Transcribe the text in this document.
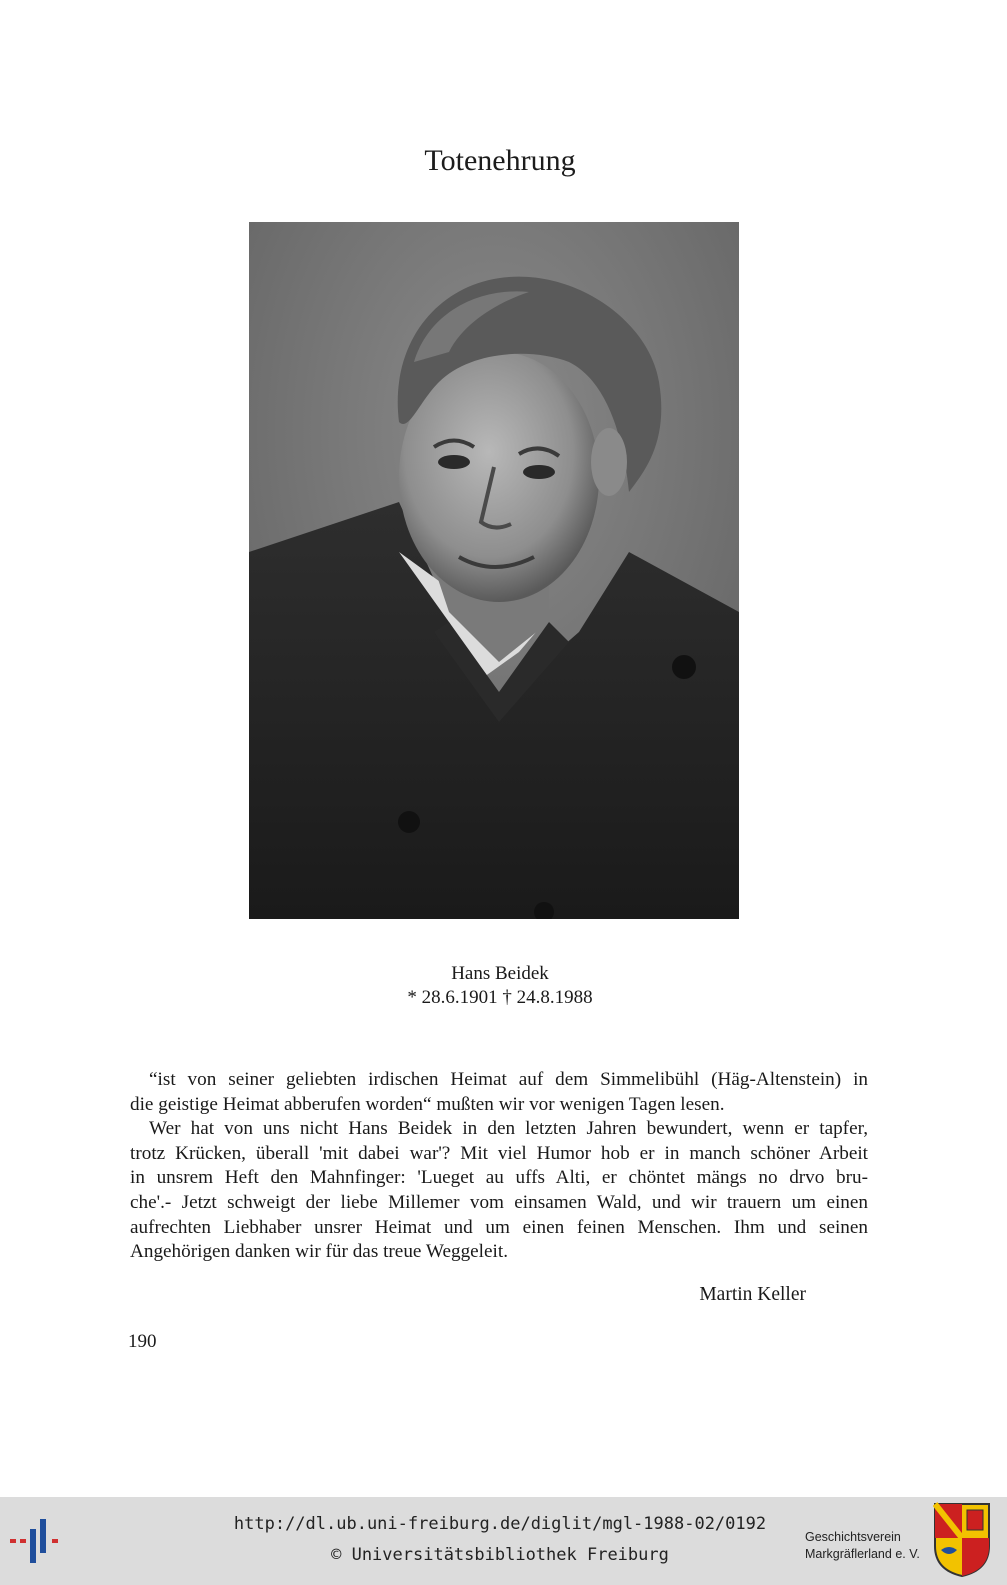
Totenehrung
Hans Beidek
* 28.6.1901 † 24.8.1988
“ist von seiner geliebten irdischen Heimat auf dem Simmelibühl (Häg-Altenstein) in
die geistige Heimat abberufen worden“ mußten wir vor wenigen Tagen lesen.
Wer hat von uns nicht Hans Beidek in den letzten Jahren bewundert, wenn er tapfer,
trotz Krücken, überall 'mit dabei war'? Mit viel Humor hob er in manch schöner Arbeit
in unsrem Heft den Mahnfinger: 'Lueget au uffs Alti, er chöntet mängs no drvo bru-
che'.- Jetzt schweigt der liebe Millemer vom einsamen Wald, und wir trauern um einen
aufrechten Liebhaber unsrer Heimat und um einen feinen Menschen. Ihm und seinen
Angehörigen danken wir für das treue Weggeleit.
Martin Keller
190
http://dl.ub.uni-freiburg.de/diglit/mgl-1988-02/0192
© Universitätsbibliothek Freiburg
Geschichtsverein
Markgräflerland e. V.
